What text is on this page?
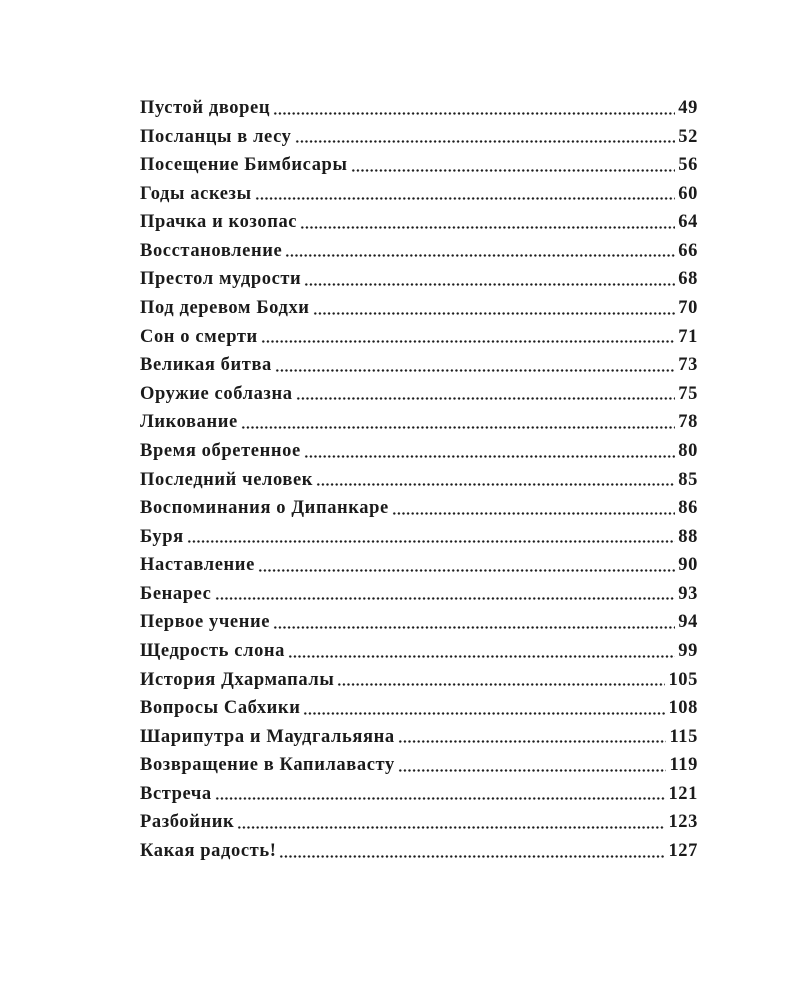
Пустой дворец	49
Посланцы в лесу	52
Посещение Бимбисары	56
Годы аскезы	60
Прачка и козопас	64
Восстановление	66
Престол мудрости	68
Под деревом Бодхи	70
Сон о смерти	71
Великая битва	73
Оружие соблазна	75
Ликование	78
Время обретенное	80
Последний человек	85
Воспоминания о Дипанкаре	86
Буря	88
Наставление	90
Бенарес	93
Первое учение	94
Щедрость слона	99
История Дхармапалы	105
Вопросы Сабхики	108
Шарипутра и Маудгальяяна	115
Возвращение в Капилавасту	119
Встреча	121
Разбойник	123
Какая радость!	127
